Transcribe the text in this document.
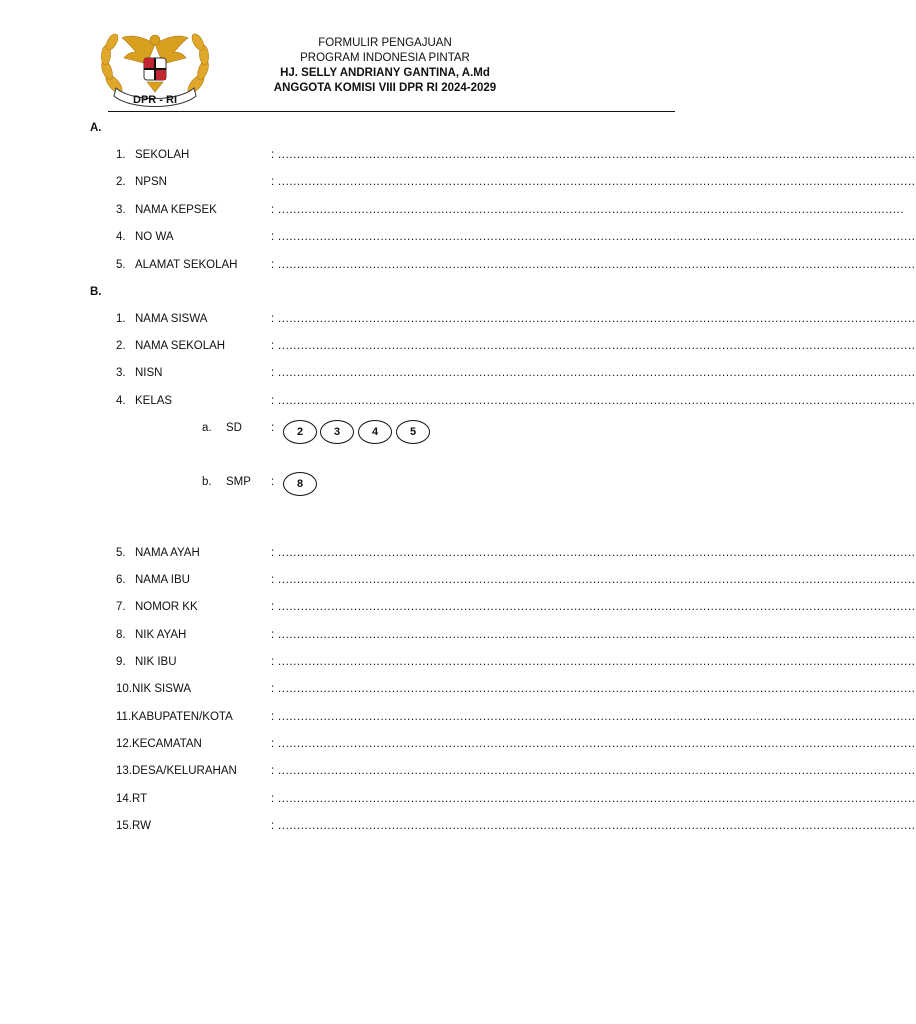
DPR - RI
FORMULIR PENGAJUAN
PROGRAM INDONESIA PINTAR
HJ. SELLY ANDRIANY GANTINA, A.Md
ANGGOTA KOMISI VIII DPR RI 2024-2029
A.
1. SEKOLAH	: ........................................................................................................................................................................
2. NPSN	: ........................................................................................................................................................................
3. NAMA KEPSEK	: .....................................................................................................................................................................
4. NO WA	: ........................................................................................................................................................................
5. ALAMAT SEKOLAH	: ........................................................................................................................................................................
B.
1. NAMA SISWA	: ........................................................................................................................................................................
2. NAMA SEKOLAH	: ........................................................................................................................................................................
3. NISN	: ........................................................................................................................................................................
4. KELAS	: ........................................................................................................................................................................
a. SD	:	2	3	4	5
b. SMP :	8
5. NAMA AYAH	: ........................................................................................................................................................................
6. NAMA IBU	: ........................................................................................................................................................................
7. NOMOR KK	: ........................................................................................................................................................................
8. NIK AYAH	: ........................................................................................................................................................................
9. NIK IBU	: ........................................................................................................................................................................
10.NIK SISWA	: ........................................................................................................................................................................
11.KABUPATEN/KOTA	: ........................................................................................................................................................................
12.KECAMATAN	: ........................................................................................................................................................................
13.DESA/KELURAHAN	: ........................................................................................................................................................................
14.RT	: ........................................................................................................................................................................
15.RW	: ........................................................................................................................................................................
